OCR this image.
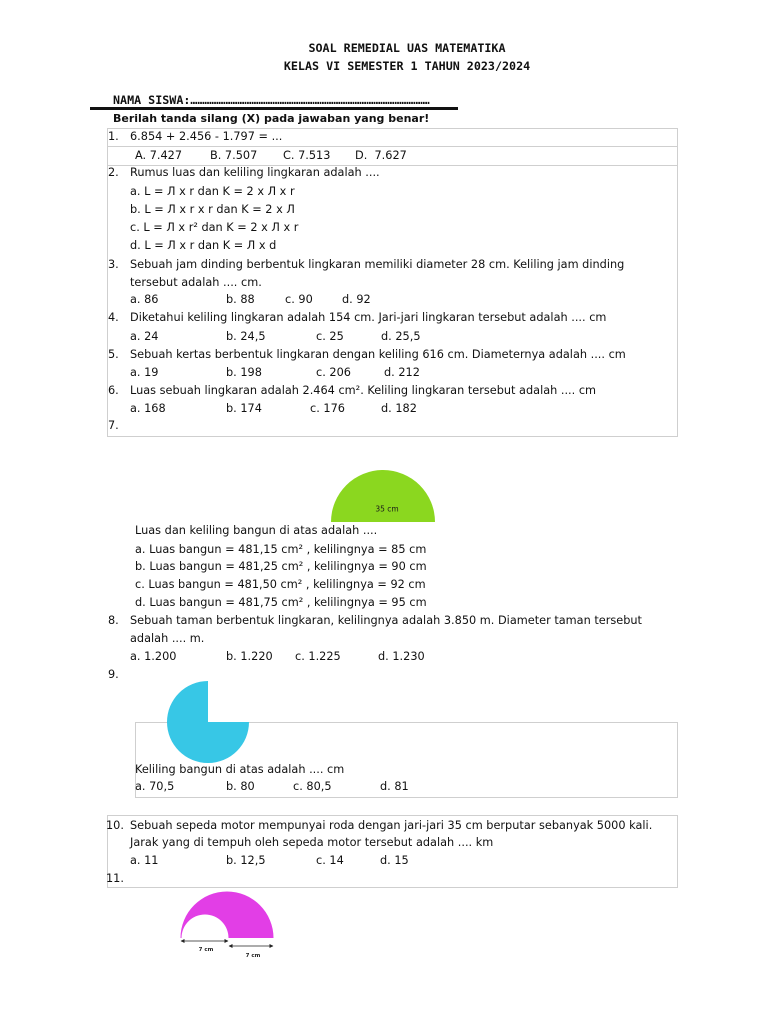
SOAL REMEDIAL UAS MATEMATIKA
KELAS VI SEMESTER 1 TAHUN 2023/2024
NAMA SISWA:…………………………………………………………………………………………
Berilah tanda silang (X) pada jawaban yang benar!
1. 6.854 + 2.456 - 1.797 = ...
A. 7.427 B. 7.507 C. 7.513 D.  7.627
2. Rumus luas dan keliling lingkaran adalah ....
a. L = Л x r dan K = 2 x Л x r
b. L = Л x r x r dan K = 2 x Л
c. L = Л x r² dan K = 2 x Л x r
d. L = Л x r dan K = Л x d
3. Sebuah jam dinding berbentuk lingkaran memiliki diameter 28 cm. Keliling jam dinding
tersebut adalah .... cm.
a. 86	b. 88	c. 90	d. 92
4. Diketahui keliling lingkaran adalah 154 cm. Jari-jari lingkaran tersebut adalah .... cm
a. 24	b. 24,5	c. 25	d. 25,5
5. Sebuah kertas berbentuk lingkaran dengan keliling 616 cm. Diameternya adalah .... cm
a. 19	b. 198	c. 206	d. 212
6. Luas sebuah lingkaran adalah 2.464 cm². Keliling lingkaran tersebut adalah .... cm
a. 168	b. 174	c. 176	d. 182
7.
35 cm
Luas dan keliling bangun di atas adalah ....
a. Luas bangun = 481,15 cm² , kelilingnya = 85 cm
b. Luas bangun = 481,25 cm² , kelilingnya = 90 cm
c. Luas bangun = 481,50 cm² , kelilingnya = 92 cm
d. Luas bangun = 481,75 cm² , kelilingnya = 95 cm
8. Sebuah taman berbentuk lingkaran, kelilingnya adalah 3.850 m. Diameter taman tersebut
adalah .... m.
a. 1.200	b. 1.220 c. 1.225	d. 1.230
9.
Keliling bangun di atas adalah .... cm
a. 70,5	b. 80	c. 80,5	d. 81
10. Sebuah sepeda motor mempunyai roda dengan jari-jari 35 cm berputar sebanyak 5000 kali.
Jarak yang di tempuh oleh sepeda motor tersebut adalah .... km
a. 11	b. 12,5	c. 14	d. 15
11.
7 cm
7 cm
